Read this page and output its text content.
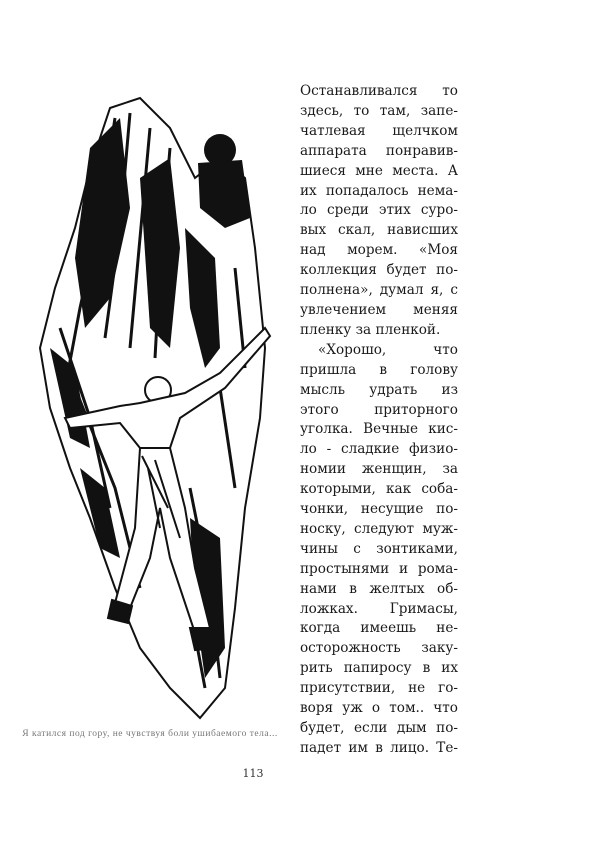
Я катился под гору, не чувствуя боли ушибаемого тела...
Останавливался то
здесь, то там, запе-
чатлевая щелчком
аппарата понравив-
шиеся мне места. А
их попадалось нема-
ло среди этих суро-
вых скал, нависших
над морем. «Моя
коллекция будет по-
полнена», думал я, с
увлечением меняя
пленку за пленкой.
«Хорошо, что
пришла в голову
мысль удрать из
этого приторного
уголка. Вечные кис-
ло - сладкие физио-
номии женщин, за
которыми, как соба-
чонки, несущие по-
носку, следуют муж-
чины с зонтиками,
простынями и рома-
нами в желтых об-
ложках. Гримасы,
когда имеешь не-
осторожность заку-
рить папиросу в их
присутствии, не го-
воря уж о том.. что
будет, если дым по-
падет им в лицо. Те-
113
